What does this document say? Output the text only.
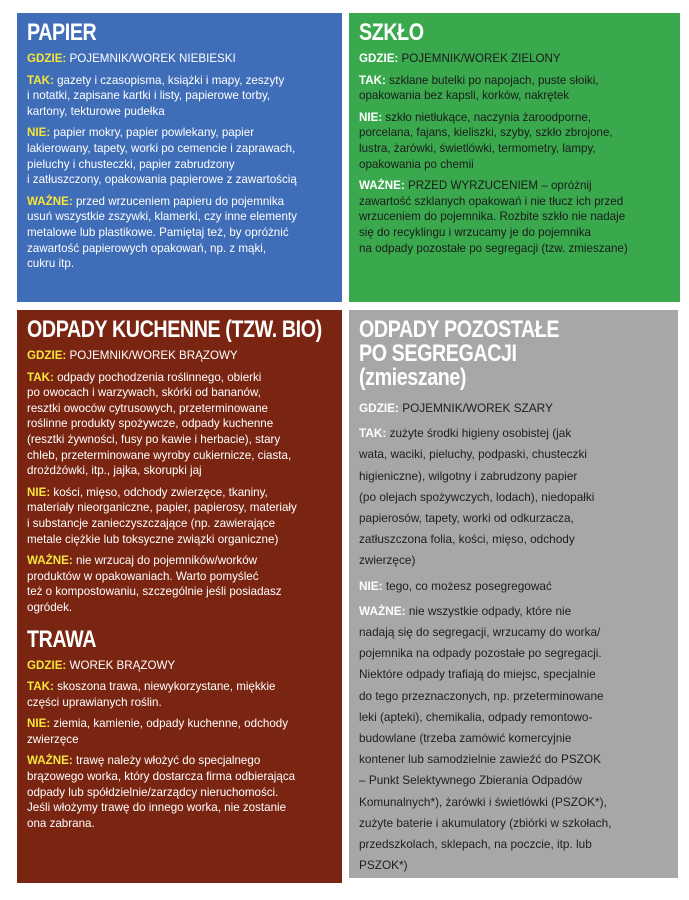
PAPIER
GDZIE: POJEMNIK/WOREK NIEBIESKI
TAK: gazety i czasopisma, książki i mapy, zeszyty
i notatki, zapisane kartki i listy, papierowe torby,
kartony, tekturowe pudełka
NIE: papier mokry, papier powlekany, papier
lakierowany, tapety, worki po cemencie i zaprawach,
pieluchy i chusteczki, papier zabrudzony
i zatłuszczony, opakowania papierowe z zawartością
WAŻNE: przed wrzuceniem papieru do pojemnika
usuń wszystkie zszywki, klamerki, czy inne elementy
metalowe lub plastikowe. Pamiętaj też, by opróżnić
zawartość papierowych opakowań, np. z mąki,
cukru itp.
SZKŁO
GDZIE: POJEMNIK/WOREK ZIELONY
TAK: szklane butelki po napojach, puste słoiki,
opakowania bez kapsli, korków, nakrętek
NIE: szkło nietłukące, naczynia żaroodporne,
porcelana, fajans, kieliszki, szyby, szkło zbrojone,
lustra, żarówki, świetlówki, termometry, lampy,
opakowania po chemii
WAŻNE: PRZED WYRZUCENIEM – opróżnij
zawartość szklanych opakowań i nie tłucz ich przed
wrzuceniem do pojemnika. Rozbite szkło nie nadaje
się do recyklingu i wrzucamy je do pojemnika
na odpady pozostałe po segregacji (tzw. zmieszane)
ODPADY KUCHENNE (TZW. BIO)
GDZIE: POJEMNIK/WOREK BRĄZOWY
TAK: odpady pochodzenia roślinnego, obierki
po owocach i warzywach, skórki od bananów,
resztki owoców cytrusowych, przeterminowane
roślinne produkty spożywcze, odpady kuchenne
(resztki żywności, fusy po kawie i herbacie), stary
chleb, przeterminowane wyroby cukiernicze, ciasta,
drożdżówki, itp., jajka, skorupki jaj
NIE: kości, mięso, odchody zwierzęce, tkaniny,
materiały nieorganiczne, papier, papierosy, materiały
i substancje zanieczyszczające (np. zawierające
metale ciężkie lub toksyczne związki organiczne)
WAŻNE: nie wrzucaj do pojemników/worków
produktów w opakowaniach. Warto pomyśleć
też o kompostowaniu, szczególnie jeśli posiadasz
ogródek.
TRAWA
GDZIE: WOREK BRĄZOWY
TAK: skoszona trawa, niewykorzystane, miękkie
części uprawianych roślin.
NIE: ziemia, kamienie, odpady kuchenne, odchody
zwierzęce
WAŻNE: trawę należy włożyć do specjalnego
brązowego worka, który dostarcza firma odbierająca
odpady lub spółdzielnie/zarządcy nieruchomości.
Jeśli włożymy trawę do innego worka, nie zostanie
ona zabrana.
ODPADY POZOSTAŁE
PO SEGREGACJI (zmieszane)
GDZIE: POJEMNIK/WOREK SZARY
TAK: zużyte środki higieny osobistej (jak
wata, waciki, pieluchy, podpaski, chusteczki
higieniczne), wilgotny i zabrudzony papier
(po olejach spożywczych, lodach), niedopałki
papierosów, tapety, worki od odkurzacza,
zatłuszczona folia, kości, mięso, odchody
zwierzęce)
NIE: tego, co możesz posegregować
WAŻNE: nie wszystkie odpady, które nie
nadają się do segregacji, wrzucamy do worka/
pojemnika na odpady pozostałe po segregacji.
Niektóre odpady trafiają do miejsc, specjalnie
do tego przeznaczonych, np. przeterminowane
leki (apteki), chemikalia, odpady remontowo-
budowlane (trzeba zamówić komercyjnie
kontener lub samodzielnie zawieźć do PSZOK
– Punkt Selektywnego Zbierania Odpadów
Komunalnych*), żarówki i świetlówki (PSZOK*),
zużyte baterie i akumulatory (zbiórki w szkołach,
przedszkolach, sklepach, na poczcie, itp. lub
PSZOK*)
